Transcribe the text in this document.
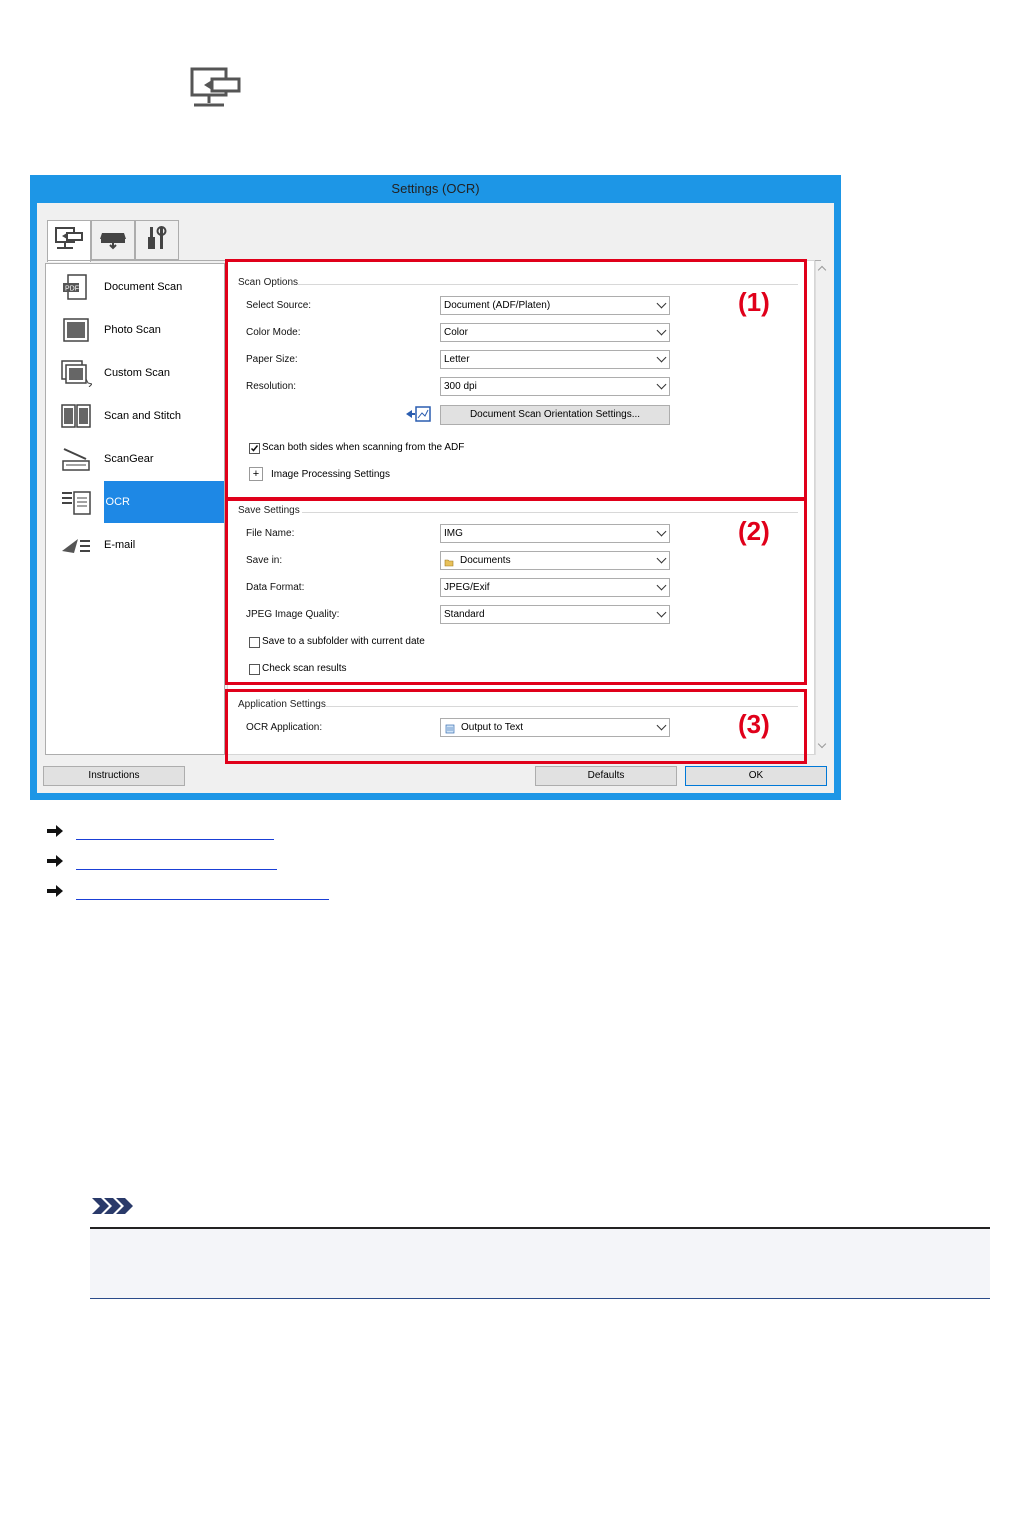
Settings (OCR)
PDF Document Scan
Photo Scan
Custom Scan
Scan and Stitch
ScanGear
OCR
E-mail
Scan Options
Select Source:	Document (ADF/Platen)
Color Mode:	Color
Paper Size:	Letter
Resolution:	300 dpi
Document Scan Orientation Settings...
Scan both sides when scanning from the ADF
+	Image Processing Settings
Save Settings
File Name:	IMG
Save in:	Documents
Data Format:	JPEG/Exif
JPEG Image Quality:	Standard
Save to a subfolder with current date
Check scan results
Application Settings
OCR Application:	Output to Text
(1)
(2)
(3)
Instructions	Defaults	OK
